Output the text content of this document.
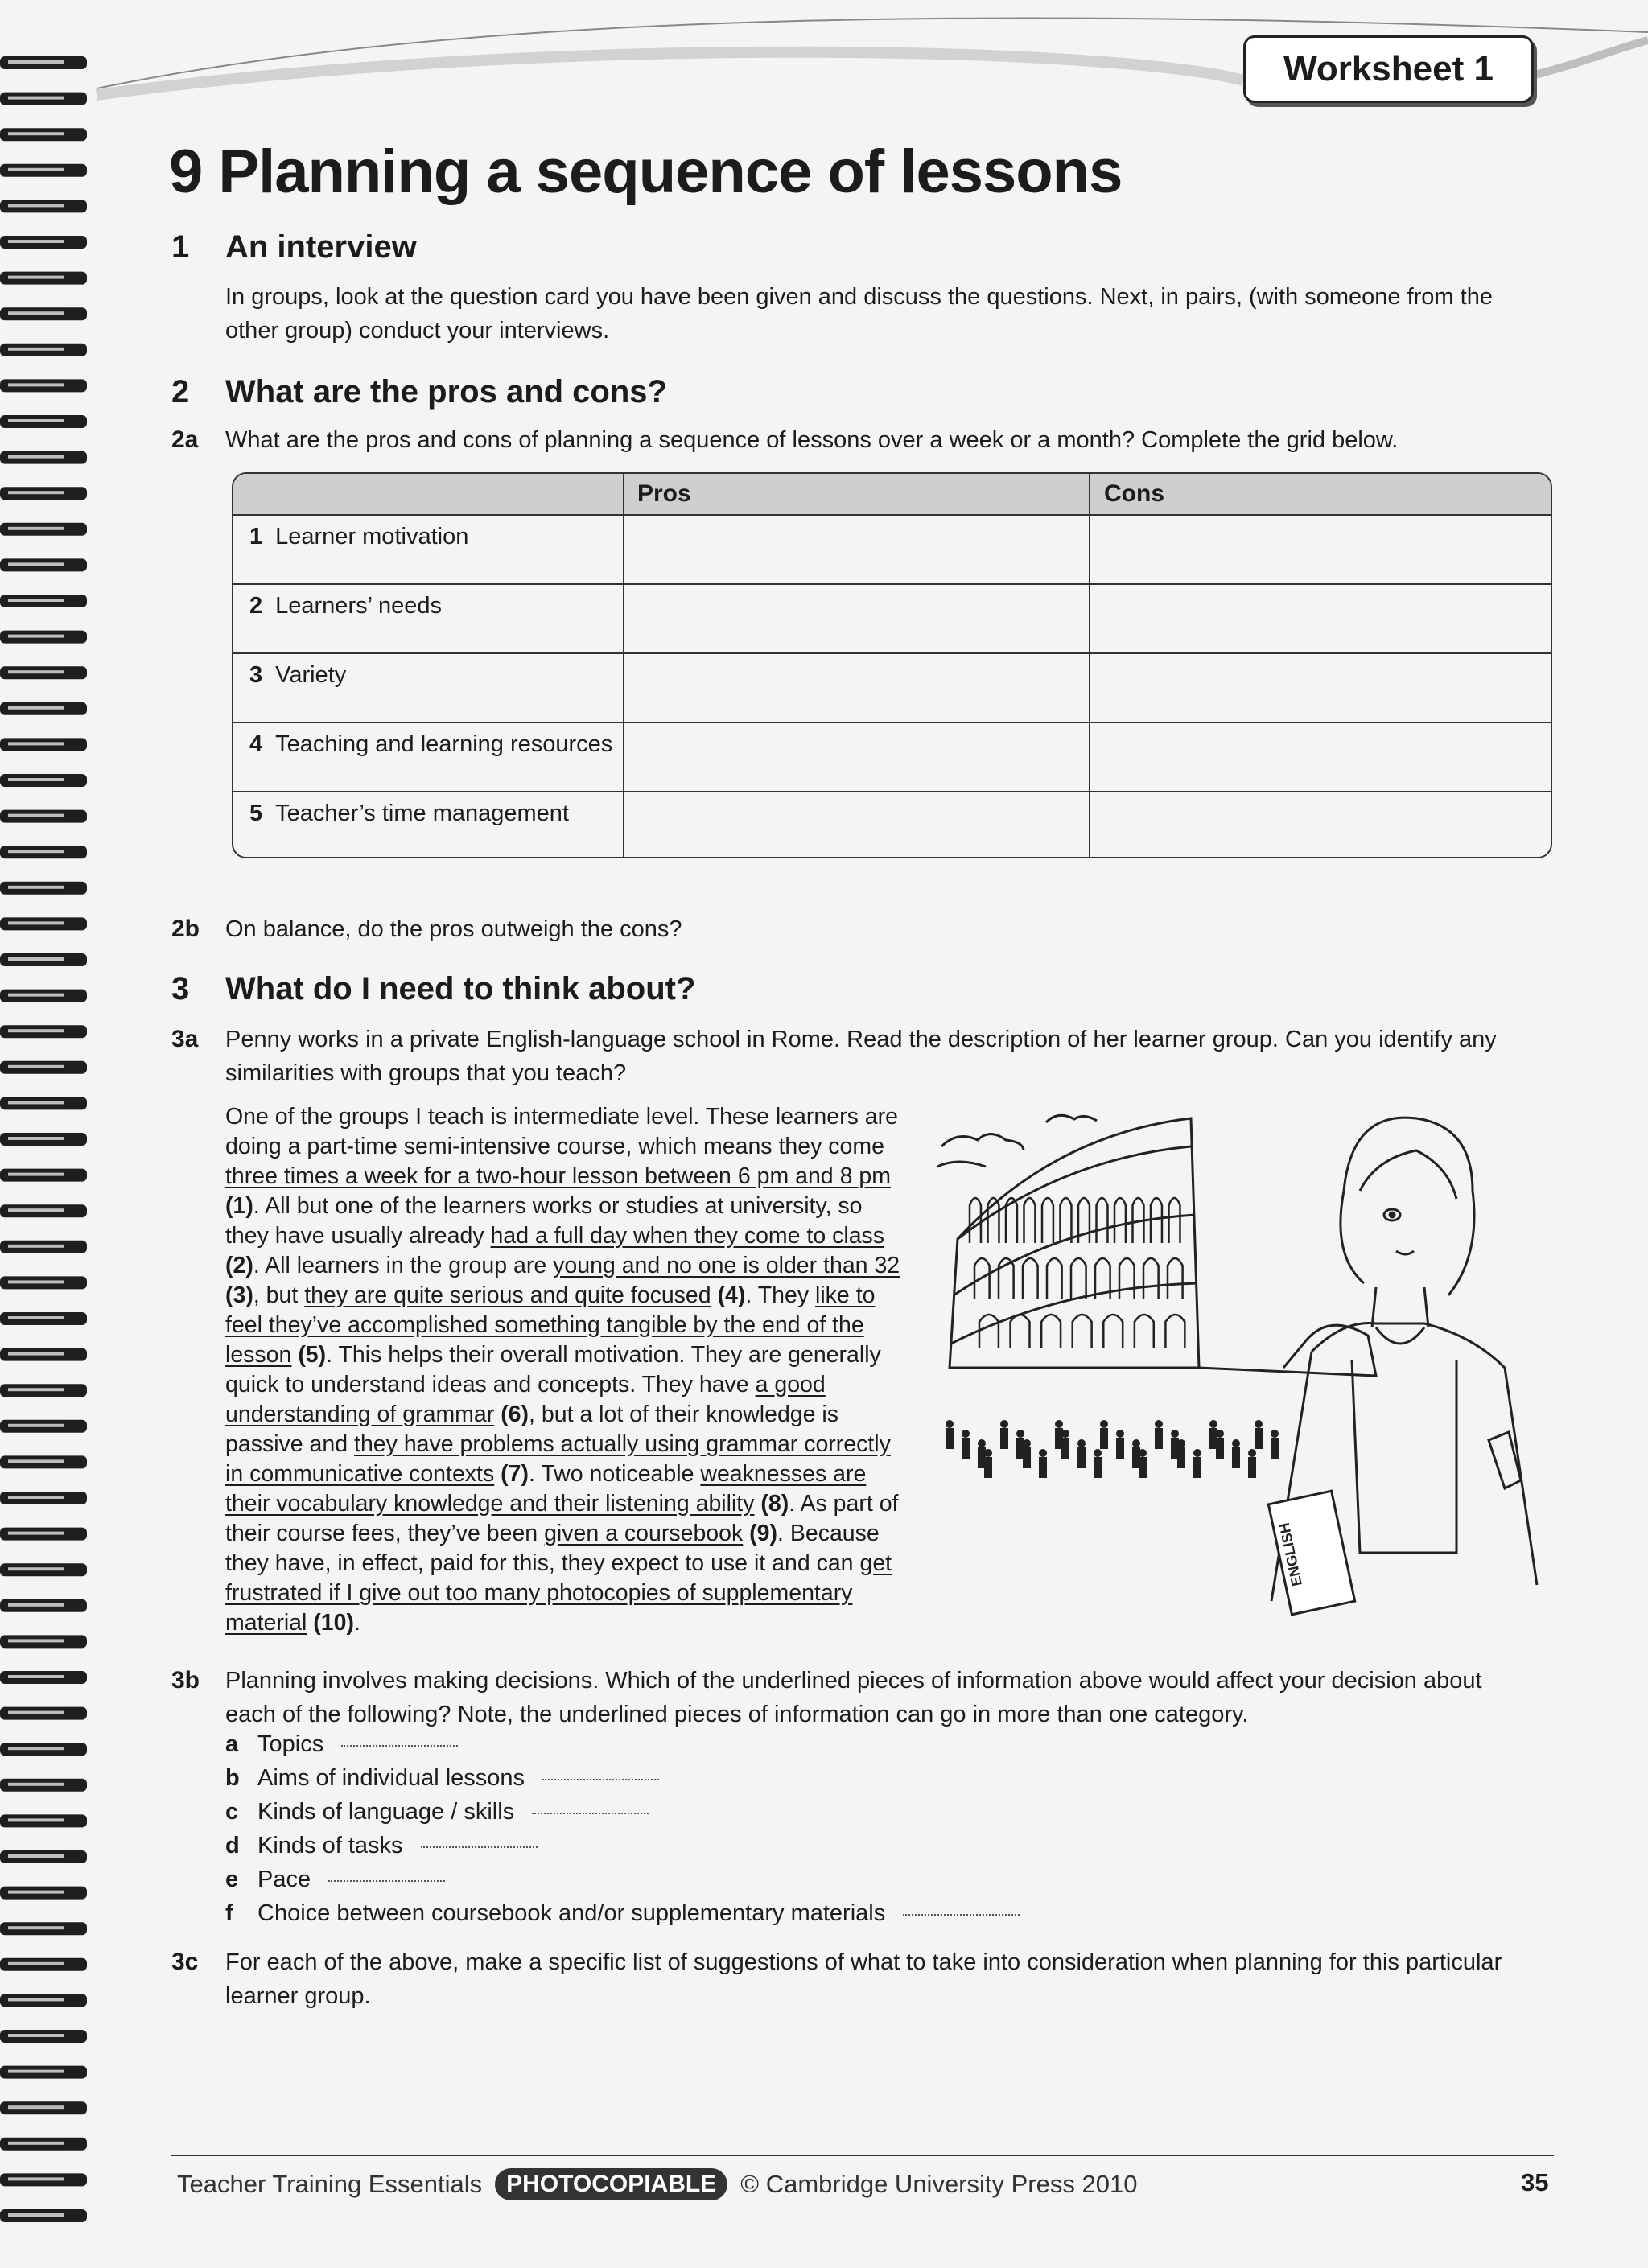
Worksheet 1
9 Planning a sequence of lessons
1 An interview

In groups, look at the question card you have been given and discuss the questions. Next, in pairs, (with someone from the other group) conduct your interviews.

2 What are the pros and cons?
2a What are the pros and cons of planning a sequence of lessons over a week or a month? Complete the grid below.

Pros	Cons
1 Learner motivation
2 Learners’ needs
3 Variety
4 Teaching and learning resources
5 Teacher’s time management
2b On balance, do the pros outweigh the cons?

3 What do I need to think about?
3a Penny works in a private English-language school in Rome. Read the description of her learner group. Can you identify any similarities with groups that you teach?

One of the groups I teach is intermediate level. These learners are doing a part-time semi-intensive course, which means they come three times a week for a two-hour lesson between 6 pm and 8 pm (1). All but one of the learners works or studies at university, so they have usually already had a full day when they come to class (2). All learners in the group are young and no one is older than 32 (3), but they are quite serious and quite focused (4). They like to feel they’ve accomplished something tangible by the end of the lesson (5). This helps their overall motivation. They are generally quick to understand ideas and concepts. They have a good understanding of grammar (6), but a lot of their knowledge is passive and they have problems actually using grammar correctly in communicative contexts (7). Two noticeable weaknesses are their vocabulary knowledge and their listening ability (8). As part of their course fees, they’ve been given a coursebook (9). Because they have, in effect, paid for this, they expect to use it and can get frustrated if I give out too many photocopies of supplementary material (10).

ENGLISH
3b Planning involves making decisions. Which of the underlined pieces of information above would affect your decision about each of the following? Note, the underlined pieces of information can go in more than one category.

a Topics
b Aims of individual lessons
c Kinds of language / skills
d Kinds of tasks
e Pace
f Choice between coursebook and/or supplementary materials
3c For each of the above, make a specific list of suggestions of what to take into consideration when planning for this particular learner group.

Teacher Training Essentials	PHOTOCOPIABLE © Cambridge University Press 2010	35
